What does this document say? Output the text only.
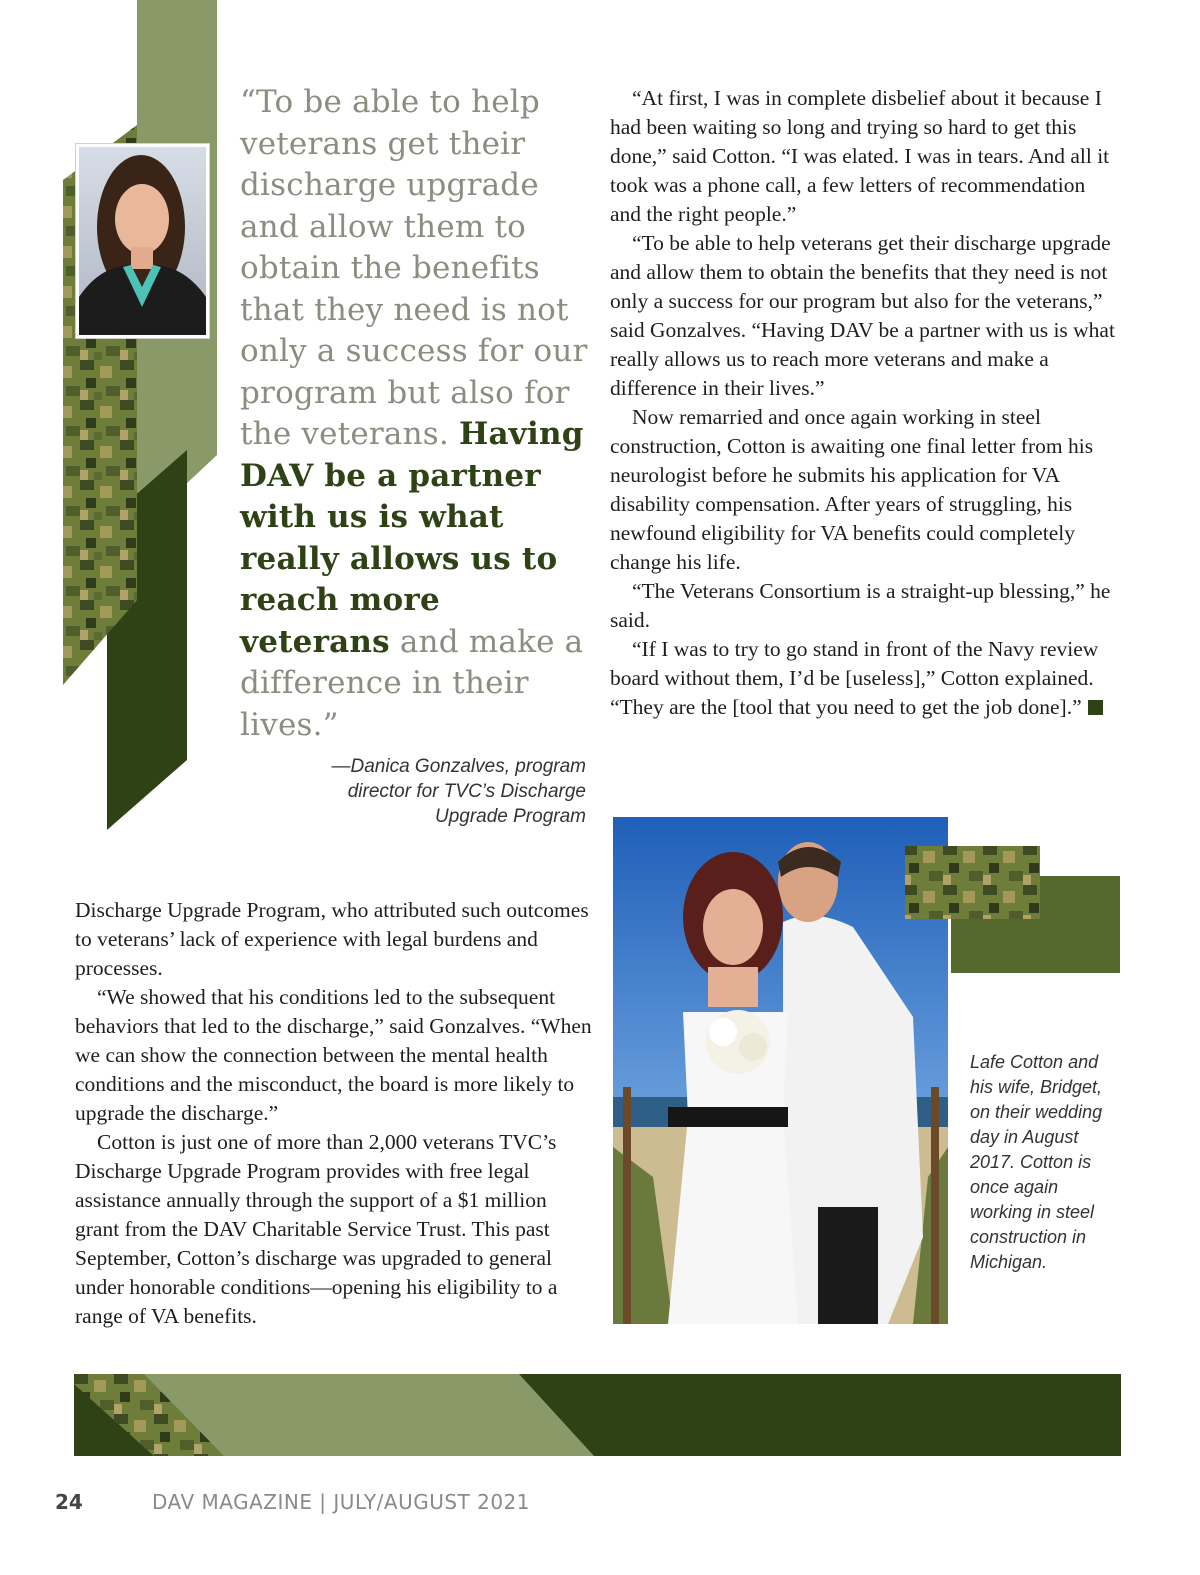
“To be able to help veterans get their discharge upgrade and allow them to obtain the benefits that they need is not only a success for our program but also for the veterans. Having DAV be a partner with us is what really allows us to reach more veterans and make a difference in their lives.”
—Danica Gonzalves, program director for TVC’s Discharge Upgrade Program

“At first, I was in complete disbelief about it because I had been waiting so long and trying so hard to get this done,” said Cotton. “I was elated. I was in tears. And all it took was a phone call, a few letters of recommendation and the right people.”

“To be able to help veterans get their discharge upgrade and allow them to obtain the benefits that they need is not only a success for our program but also for the veterans,” said Gonzalves. “Having DAV be a partner with us is what really allows us to reach more veterans and make a difference in their lives.”

Now remarried and once again working in steel construction, Cotton is awaiting one final letter from his neurologist before he submits his application for VA disability compensation. After years of struggling, his newfound eligibility for VA benefits could completely change his life.

“The Veterans Consortium is a straight-up blessing,” he said.

“If I was to try to go stand in front of the Navy review board without them, I’d be [useless],” Cotton explained. “They are the [tool that you need to get the job done].”

Discharge Upgrade Program, who attributed such outcomes to veterans’ lack of experience with legal burdens and processes.

“We showed that his conditions led to the subsequent behaviors that led to the discharge,” said Gonzalves. “When we can show the connection between the mental health conditions and the misconduct, the board is more likely to upgrade the discharge.”

Cotton is just one of more than 2,000 veterans TVC’s Discharge Upgrade Program provides with free legal assistance annually through the support of a $1 million grant from the DAV Charitable Service Trust. This past September, Cotton’s discharge was upgraded to general under honorable conditions—opening his eligibility to a range of VA benefits.

Lafe Cotton and his wife, Bridget, on their wedding day in August 2017. Cotton is once again working in steel construction in Michigan.
24	DAV MAGAZINE | JULY/AUGUST 2021
